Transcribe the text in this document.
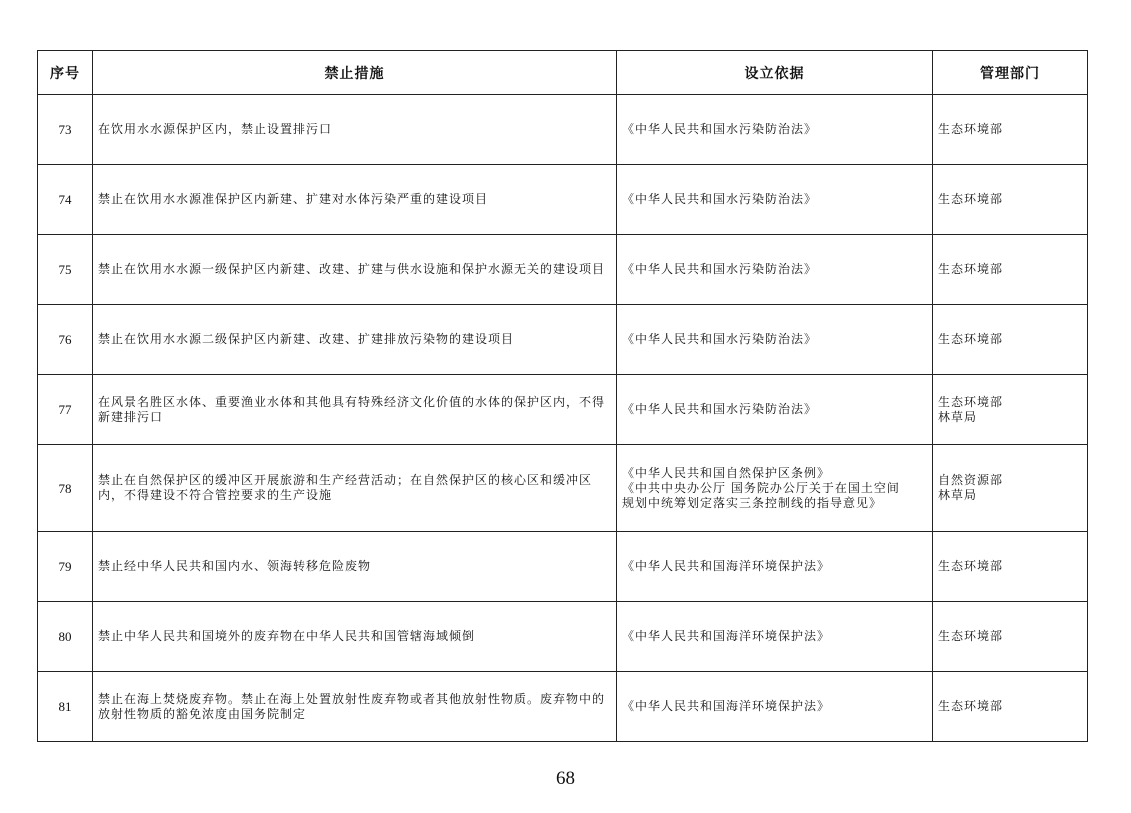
序号	禁止措施	设立依据	管理部门
73	在饮用水水源保护区内，禁止设置排污口	《中华人民共和国水污染防治法》	生态环境部

74	禁止在饮用水水源准保护区内新建、扩建对水体污染严重的建设项目	《中华人民共和国水污染防治法》	生态环境部

75	禁止在饮用水水源一级保护区内新建、改建、扩建与供水设施和保护水源无关的建设项目	《中华人民共和国水污染防治法》	生态环境部

76	禁止在饮用水水源二级保护区内新建、改建、扩建排放污染物的建设项目	《中华人民共和国水污染防治法》	生态环境部

77	在风景名胜区水体、重要渔业水体和其他具有特殊经济文化价值的水体的保护区内，不得新建排污口	《中华人民共和国水污染防治法》	生态环境部
林草局

78	禁止在自然保护区的缓冲区开展旅游和生产经营活动；在自然保护区的核心区和缓冲区内，不得建设不符合管控要求的生产设施	《中华人民共和国自然保护区条例》
《中共中央办公厅 国务院办公厅关于在国土空间
规划中统筹划定落实三条控制线的指导意见》	自然资源部
林草局

79	禁止经中华人民共和国内水、领海转移危险废物	《中华人民共和国海洋环境保护法》	生态环境部

80	禁止中华人民共和国境外的废弃物在中华人民共和国管辖海域倾倒	《中华人民共和国海洋环境保护法》	生态环境部

81	禁止在海上焚烧废弃物。禁止在海上处置放射性废弃物或者其他放射性物质。废弃物中的放射性物质的豁免浓度由国务院制定	《中华人民共和国海洋环境保护法》	生态环境部
68
